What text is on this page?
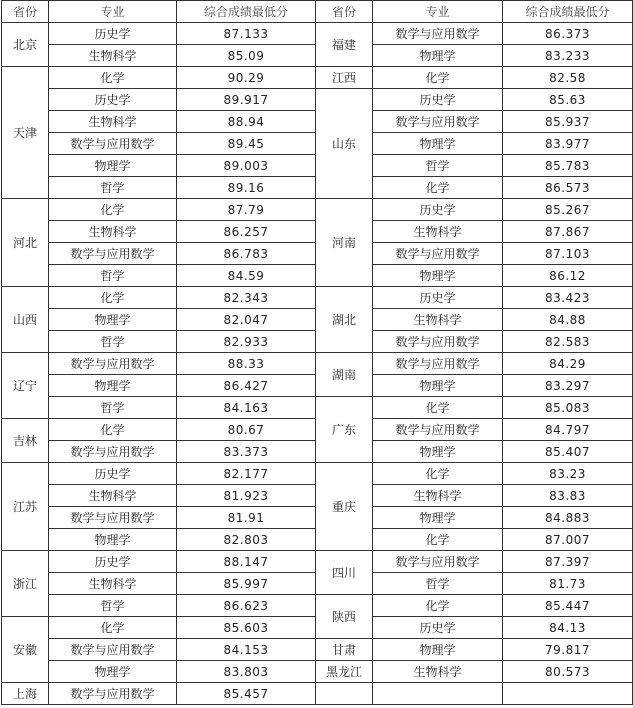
省份	专业	综合成绩最低分	省份	专业	综合成绩最低分
北京	历史学	87.133	福建	数学与应用数学	86.373
	生物科学	85.09		物理学	83.233
天津	化学	90.29	江西	化学	82.58
	历史学	89.917	山东	历史学	85.63
	生物科学	88.94		数学与应用数学	85.937
	数学与应用数学	89.45		物理学	83.977
	物理学	89.003		哲学	85.783
	哲学	89.16		化学	86.573
河北	化学	87.79	河南	历史学	85.267
	生物科学	86.257		生物科学	87.867
	数学与应用数学	86.783		数学与应用数学	87.103
	哲学	84.59		物理学	86.12
山西	化学	82.343	湖北	历史学	83.423
	物理学	82.047		生物科学	84.88
	哲学	82.933		数学与应用数学	82.583
辽宁	数学与应用数学	88.33	湖南	数学与应用数学	84.29
	物理学	86.427		物理学	83.297
	哲学	84.163	广东	化学	85.083
吉林	化学	80.67		数学与应用数学	84.797
	数学与应用数学	83.373		物理学	85.407
江苏	历史学	82.177	重庆	化学	83.23
	生物科学	81.923		生物科学	83.83
	数学与应用数学	81.91		物理学	84.883
	物理学	82.803		化学	87.007
浙江	历史学	88.147	四川	数学与应用数学	87.397
	生物科学	85.997		哲学	81.73
	哲学	86.623	陕西	化学	85.447
安徽	化学	85.603		历史学	84.13
	数学与应用数学	84.153	甘肃	物理学	79.817
	物理学	83.803	黑龙江	生物科学	80.573
上海	数学与应用数学	85.457			
